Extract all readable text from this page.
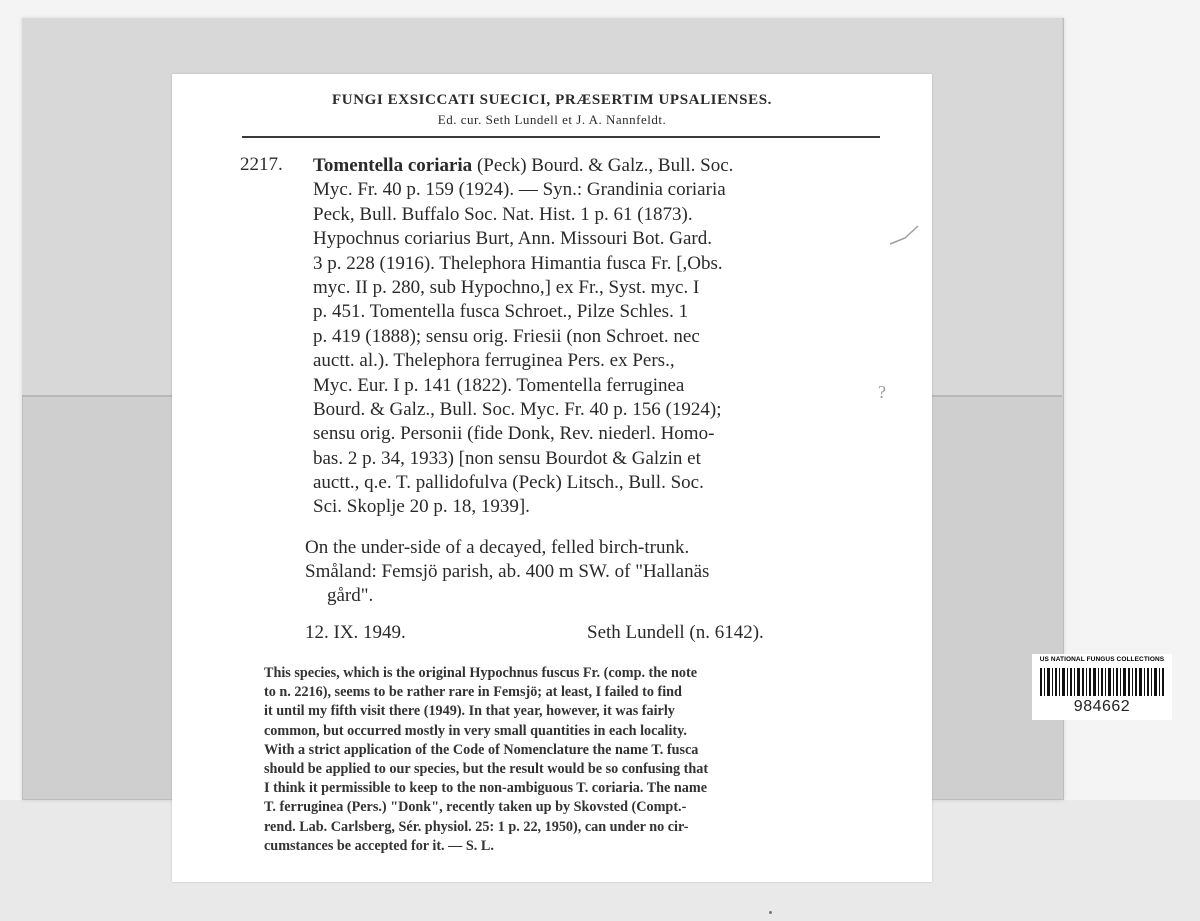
FUNGI EXSICCATI SUECICI, PRÆSERTIM UPSALIENSES.
Ed. cur. Seth Lundell et J. A. Nannfeldt.
2217. Tomentella coriaria (Peck) Bourd. & Galz., Bull. Soc.
Myc. Fr. 40 p. 159 (1924). — Syn.: Grandinia coriaria
Peck, Bull. Buffalo Soc. Nat. Hist. 1 p. 61 (1873).
Hypochnus coriarius Burt, Ann. Missouri Bot. Gard.
3 p. 228 (1916). Thelephora Himantia fusca Fr. [,Obs.
myc. II p. 280, sub Hypochno,] ex Fr., Syst. myc. I
p. 451. Tomentella fusca Schroet., Pilze Schles. 1
p. 419 (1888); sensu orig. Friesii (non Schroet. nec
auctt. al.). Thelephora ferruginea Pers. ex Pers.,
Myc. Eur. I p. 141 (1822). Tomentella ferruginea
Bourd. & Galz., Bull. Soc. Myc. Fr. 40 p. 156 (1924);
sensu orig. Personii (fide Donk, Rev. niederl. Homo-
bas. 2 p. 34, 1933) [non sensu Bourdot & Galzin et
auctt., q.e. T. pallidofulva (Peck) Litsch., Bull. Soc.
Sci. Skoplje 20 p. 18, 1939].
On the under-side of a decayed, felled birch-trunk.
Småland: Femsjö parish, ab. 400 m SW. of "Hallanäs
gård".
12. IX. 1949.	Seth Lundell (n. 6142).
This species, which is the original Hypochnus fuscus Fr. (comp. the note
to n. 2216), seems to be rather rare in Femsjö; at least, I failed to find
it until my fifth visit there (1949). In that year, however, it was fairly
common, but occurred mostly in very small quantities in each locality.
With a strict application of the Code of Nomenclature the name T. fusca
should be applied to our species, but the result would be so confusing that
I think it permissible to keep to the non-ambiguous T. coriaria. The name
T. ferruginea (Pers.) "Donk", recently taken up by Skovsted (Compt.-
rend. Lab. Carlsberg, Sér. physiol. 25: 1 p. 22, 1950), can under no cir-
cumstances be accepted for it. — S. L.
?
US NATIONAL FUNGUS COLLECTIONS
984662
